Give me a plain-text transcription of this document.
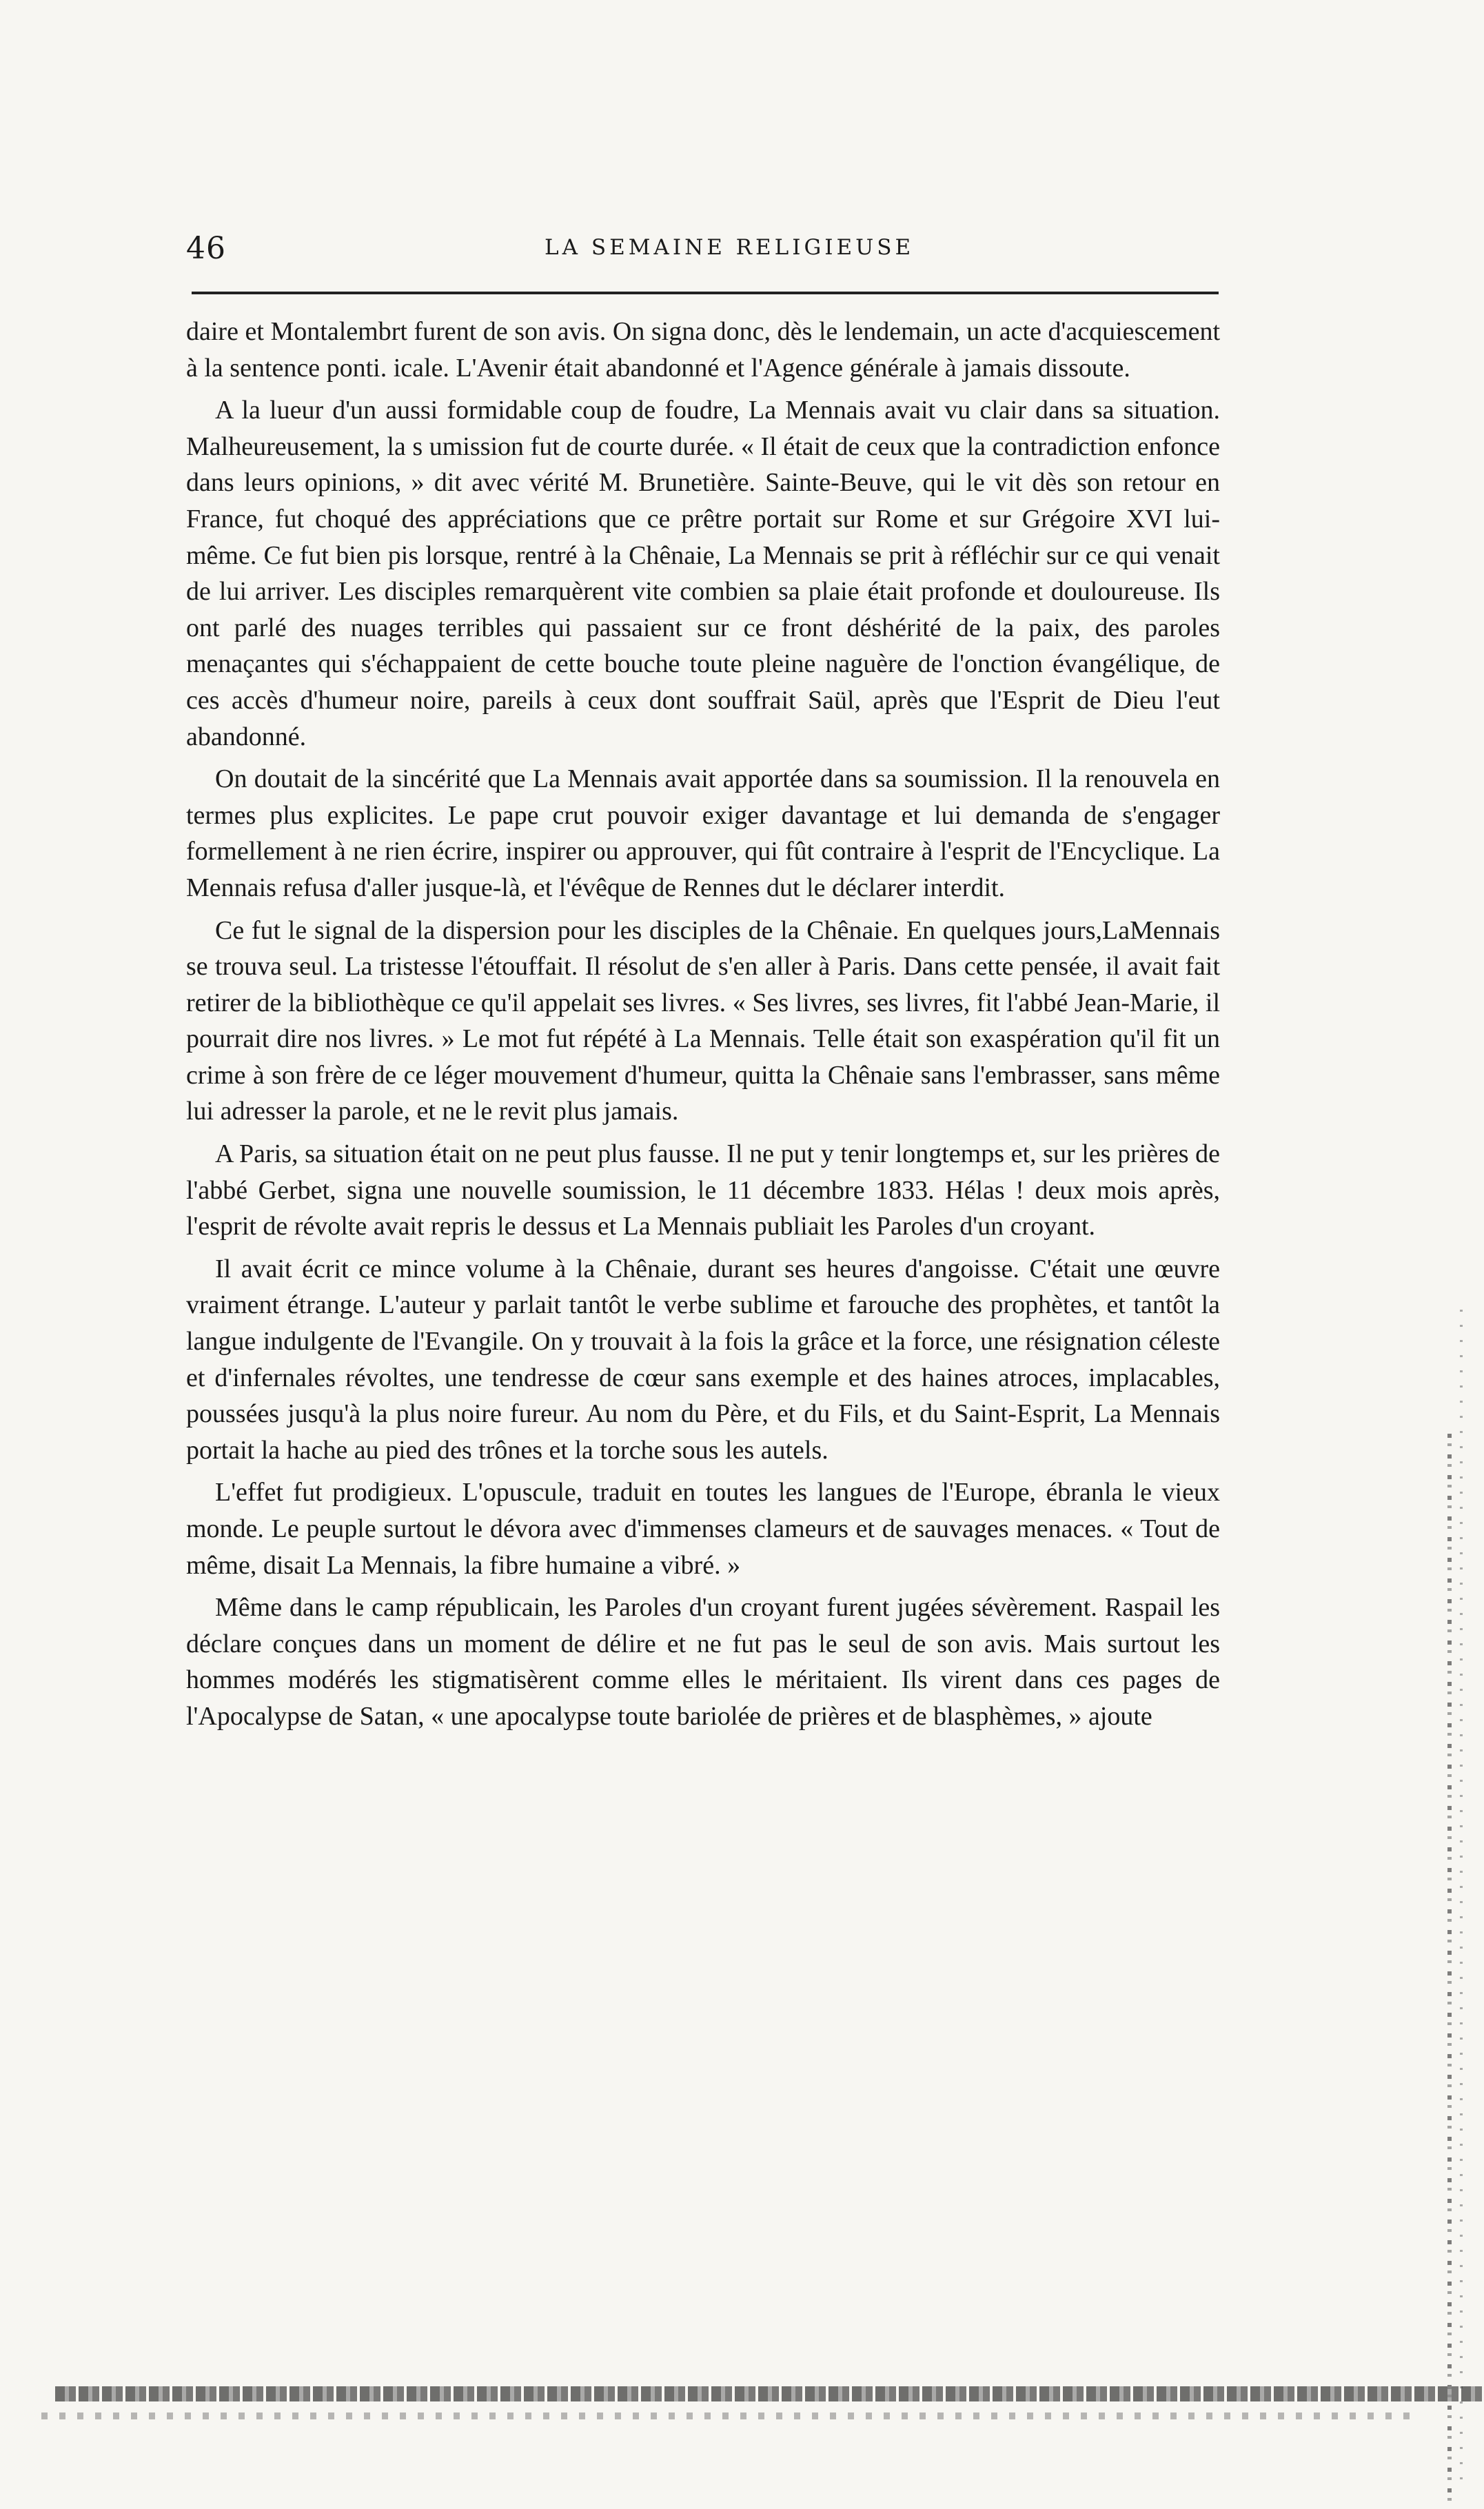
46	LA SEMAINE RELIGIEUSE

daire et Montalembrt furent de son avis. On signa donc, dès le lendemain, un acte d'acquiescement à la sentence ponti. icale. L'Avenir était abandonné et l'Agence générale à jamais dissoute.

A la lueur d'un aussi formidable coup de foudre, La Mennais avait vu clair dans sa situation. Malheureusement, la s umission fut de courte durée. « Il était de ceux que la contradiction enfonce dans leurs opinions, » dit avec vérité M. Brunetière. Sainte-Beuve, qui le vit dès son retour en France, fut choqué des appréciations que ce prêtre portait sur Rome et sur Grégoire XVI lui-même. Ce fut bien pis lorsque, rentré à la Chênaie, La Mennais se prit à réfléchir sur ce qui venait de lui arriver. Les disciples remarquèrent vite combien sa plaie était profonde et douloureuse. Ils ont parlé des nuages terribles qui passaient sur ce front déshérité de la paix, des paroles menaçantes qui s'échappaient de cette bouche toute pleine naguère de l'onction évangélique, de ces accès d'humeur noire, pareils à ceux dont souffrait Saül, après que l'Esprit de Dieu l'eut abandonné.

On doutait de la sincérité que La Mennais avait apportée dans sa soumission. Il la renouvela en termes plus explicites. Le pape crut pouvoir exiger davantage et lui demanda de s'engager formellement à ne rien écrire, inspirer ou approuver, qui fût contraire à l'esprit de l'Encyclique. La Mennais refusa d'aller jusque-là, et l'évêque de Rennes dut le déclarer interdit.

Ce fut le signal de la dispersion pour les disciples de la Chênaie. En quelques jours,LaMennais se trouva seul. La tristesse l'étouffait. Il résolut de s'en aller à Paris. Dans cette pensée, il avait fait retirer de la bibliothèque ce qu'il appelait ses livres. « Ses livres, ses livres, fit l'abbé Jean-Marie, il pourrait dire nos livres. » Le mot fut répété à La Mennais. Telle était son exaspération qu'il fit un crime à son frère de ce léger mouvement d'humeur, quitta la Chênaie sans l'embrasser, sans même lui adresser la parole, et ne le revit plus jamais.

A Paris, sa situation était on ne peut plus fausse. Il ne put y tenir longtemps et, sur les prières de l'abbé Gerbet, signa une nouvelle soumission, le 11 décembre 1833. Hélas ! deux mois après, l'esprit de révolte avait repris le dessus et La Mennais publiait les Paroles d'un croyant.

Il avait écrit ce mince volume à la Chênaie, durant ses heures d'angoisse. C'était une œuvre vraiment étrange. L'auteur y parlait tantôt le verbe sublime et farouche des prophètes, et tantôt la langue indulgente de l'Evangile. On y trouvait à la fois la grâce et la force, une résignation céleste et d'infernales révoltes, une tendresse de cœur sans exemple et des haines atroces, implacables, poussées jusqu'à la plus noire fureur. Au nom du Père, et du Fils, et du Saint-Esprit, La Mennais portait la hache au pied des trônes et la torche sous les autels.

L'effet fut prodigieux. L'opuscule, traduit en toutes les langues de l'Europe, ébranla le vieux monde. Le peuple surtout le dévora avec d'immenses clameurs et de sauvages menaces. « Tout de même, disait La Mennais, la fibre humaine a vibré. »

Même dans le camp républicain, les Paroles d'un croyant furent jugées sévèrement. Raspail les déclare conçues dans un moment de délire et ne fut pas le seul de son avis. Mais surtout les hommes modérés les stigmatisèrent comme elles le méritaient. Ils virent dans ces pages de l'Apocalypse de Satan, « une apocalypse toute bariolée de prières et de blasphèmes, » ajoute
